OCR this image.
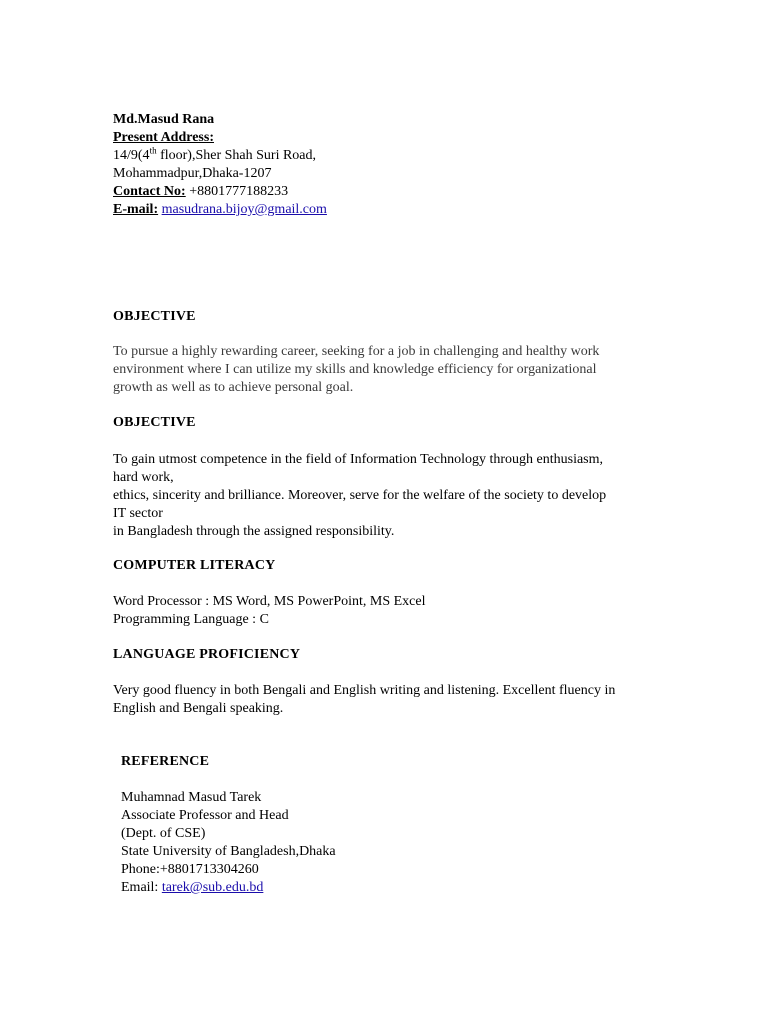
Md.Masud Rana
Present Address:
14/9(4th floor),Sher Shah Suri Road,
Mohammadpur,Dhaka-1207
Contact No: +8801777188233
E-mail: masudrana.bijoy@gmail.com
OBJECTIVE
To pursue a highly rewarding career, seeking for a job in challenging and healthy work
environment where I can utilize my skills and knowledge efficiency for organizational
growth as well as to achieve personal goal.
OBJECTIVE
To gain utmost competence in the field of Information Technology through enthusiasm,
hard work,
ethics, sincerity and brilliance. Moreover, serve for the welfare of the society to develop
IT sector
in Bangladesh through the assigned responsibility.
COMPUTER LITERACY
Word Processor : MS Word, MS PowerPoint, MS Excel
Programming Language : C
LANGUAGE PROFICIENCY
Very good fluency in both Bengali and English writing and listening. Excellent fluency in
English and Bengali speaking.
REFERENCE
Muhamnad Masud Tarek
Associate Professor and Head
(Dept. of CSE)
State University of Bangladesh,Dhaka
Phone:+8801713304260
Email: tarek@sub.edu.bd
